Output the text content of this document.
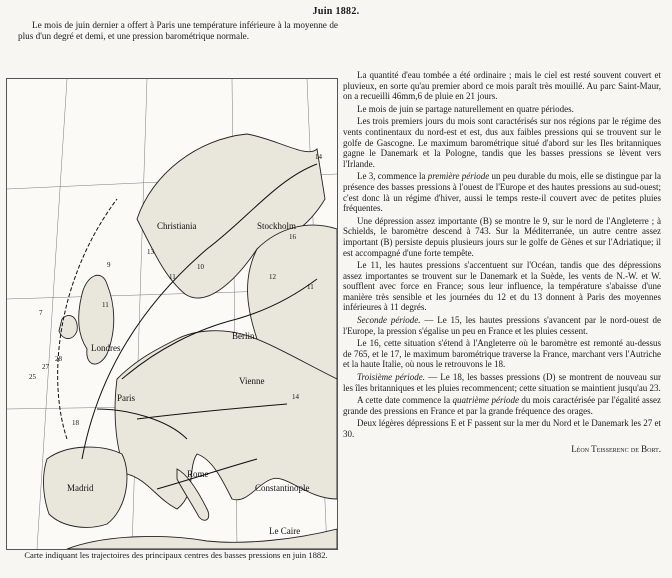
Juin 1882.
Le mois de juin dernier a offert à Paris une température inférieure à la moyenne de plus d'un degré et demi, et une pression barométrique normale.
Stockholm
Christiania
Londres
Paris
Berlin
Vienne
Madrid
Rome
Constantinople
Le Caire
14
13
11
10
9
7
18
16
12
11
14
11
27
28
25
Carte indiquant les trajectoires des principaux centres des basses pressions en juin 1882.

La quantité d'eau tombée a été ordinaire ; mais le ciel est resté souvent couvert et pluvieux, en sorte qu'au premier abord ce mois paraît très mouillé. Au parc Saint-Maur, on a recueilli 46mm,6 de pluie en 21 jours.

Le mois de juin se partage naturellement en quatre périodes.

Les trois premiers jours du mois sont caractérisés sur nos régions par le régime des vents continentaux du nord-est et est, dus aux faibles pressions qui se trouvent sur le golfe de Gascogne. Le maximum barométrique situé d'abord sur les Iles britanniques gagne le Danemark et la Pologne, tandis que les basses pressions se lèvent vers l'Irlande.

Le 3, commence la première période un peu durable du mois, elle se distingue par la présence des basses pressions à l'ouest de l'Europe et des hautes pressions au sud-ouest; c'est donc là un régime d'hiver, aussi le temps reste-il couvert avec de petites pluies fréquentes.

Une dépression assez importante (B) se montre le 9, sur le nord de l'Angleterre ; à Schields, le baromètre descend à 743. Sur la Méditerranée, un autre centre assez important (B) persiste depuis plusieurs jours sur le golfe de Gènes et sur l'Adriatique; il est accompagné d'une forte tempête.

Le 11, les hautes pressions s'accentuent sur l'Océan, tandis que des dépressions assez importantes se trouvent sur le Danemark et la Suède, les vents de N.-W. et W. soufflent avec force en France; sous leur influence, la température s'abaisse d'une manière très sensible et les journées du 12 et du 13 donnent à Paris des moyennes inférieures à 11 degrés.

Seconde période. — Le 15, les hautes pressions s'avancent par le nord-ouest de l'Europe, la pression s'égalise un peu en France et les pluies cessent.

Le 16, cette situation s'étend à l'Angleterre où le baromètre est remonté au-dessus de 765, et le 17, le maximum barométrique traverse la France, marchant vers l'Autriche et la haute Italie, où nous le retrouvons le 18.

Troisième période. — Le 18, les basses pressions (D) se montrent de nouveau sur les îles britanniques et les pluies recommencent; cette situation se maintient jusqu'au 23.

A cette date commence la quatrième période du mois caractérisée par l'égalité assez grande des pressions en France et par la grande fréquence des orages.

Deux légères dépressions E et F passent sur la mer du Nord et le Danemark les 27 et 30.

Léon Teisserenc de Bort.
